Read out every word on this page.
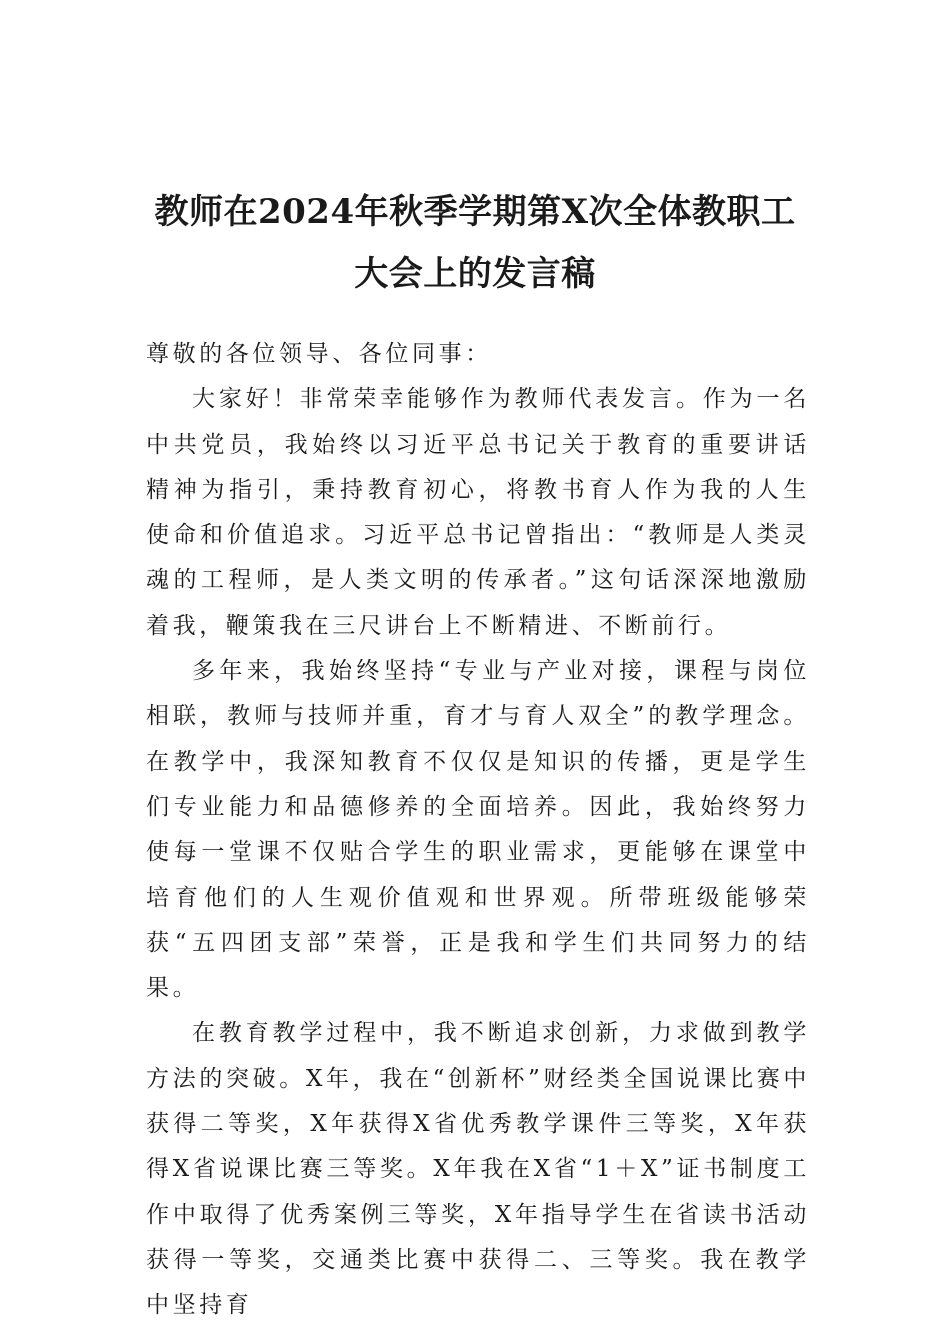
教师在2024年秋季学期第X次全体教职工
大会上的发言稿

尊敬的各位领导、各位同事：

大家好！非常荣幸能够作为教师代表发言。作为一名中共党员，我始终以习近平总书记关于教育的重要讲话精神为指引，秉持教育初心，将教书育人作为我的人生使命和价值追求。习近平总书记曾指出：“教师是人类灵魂的工程师，是人类文明的传承者。”这句话深深地激励着我，鞭策我在三尺讲台上不断精进、不断前行。

多年来，我始终坚持“专业与产业对接，课程与岗位相联，教师与技师并重，育才与育人双全”的教学理念。在教学中，我深知教育不仅仅是知识的传播，更是学生们专业能力和品德修养的全面培养。因此，我始终努力使每一堂课不仅贴合学生的职业需求，更能够在课堂中培育他们的人生观价值观和世界观。所带班级能够荣获“五四团支部”荣誉，正是我和学生们共同努力的结果。

在教育教学过程中，我不断追求创新，力求做到教学方法的突破。X年，我在“创新杯”财经类全国说课比赛中获得二等奖，X年获得X省优秀教学课件三等奖，X年获得X省说课比赛三等奖。X年我在X省“1＋X”证书制度工作中取得了优秀案例三等奖，X年指导学生在省读书活动获得一等奖，交通类比赛中获得二、三等奖。我在教学中坚持育
